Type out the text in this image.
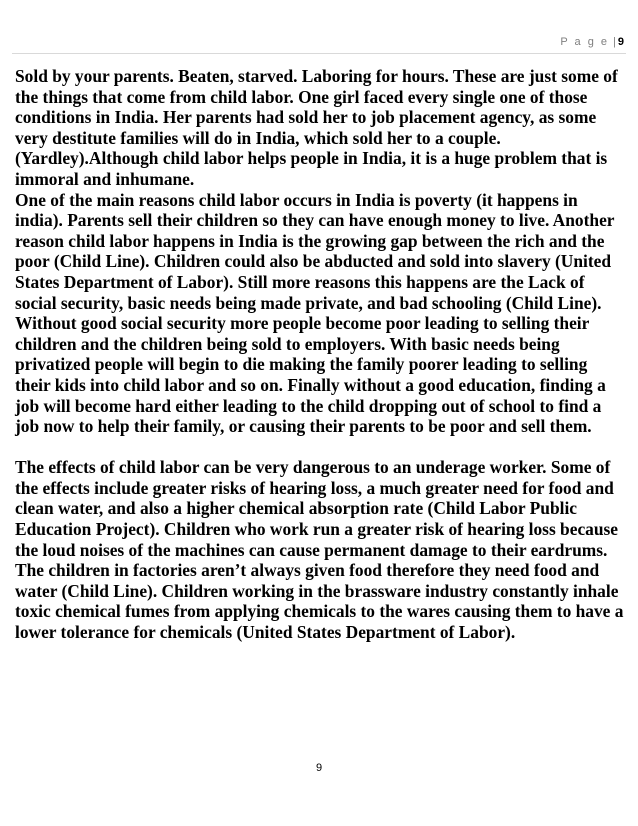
P a g e | 9

Sold by your parents. Beaten, starved. Laboring for hours. These are just some of the things that come from child labor. One girl faced every single one of those conditions in India. Her parents had sold her to job placement agency, as some very destitute families will do in India, which sold her to a couple. (Yardley).Although child labor helps people in India, it is a huge problem that is immoral and inhumane.

One of the main reasons child labor occurs in India is poverty (it happens in india). Parents sell their children so they can have enough money to live. Another reason child labor happens in India is the growing gap between the rich and the poor (Child Line). Children could also be abducted and sold into slavery (United States Department of Labor). Still more reasons this happens are the Lack of social security, basic needs being made private, and bad schooling (Child Line). Without good social security more people become poor leading to selling their children and the children being sold to employers. With basic needs being privatized people will begin to die making the family poorer leading to selling their kids into child labor and so on. Finally without a good education, finding a job will become hard either leading to the child dropping out of school to find a job now to help their family, or causing their parents to be poor and sell them.

The effects of child labor can be very dangerous to an underage worker. Some of the effects include greater risks of hearing loss, a much greater need for food and clean water, and also a higher chemical absorption rate (Child Labor Public Education Project). Children who work run a greater risk of hearing loss because the loud noises of the machines can cause permanent damage to their eardrums. The children in factories aren’t always given food therefore they need food and water (Child Line). Children working in the brassware industry constantly inhale toxic chemical fumes from applying chemicals to the wares causing them to have a lower tolerance for chemicals (United States Department of Labor).

9
